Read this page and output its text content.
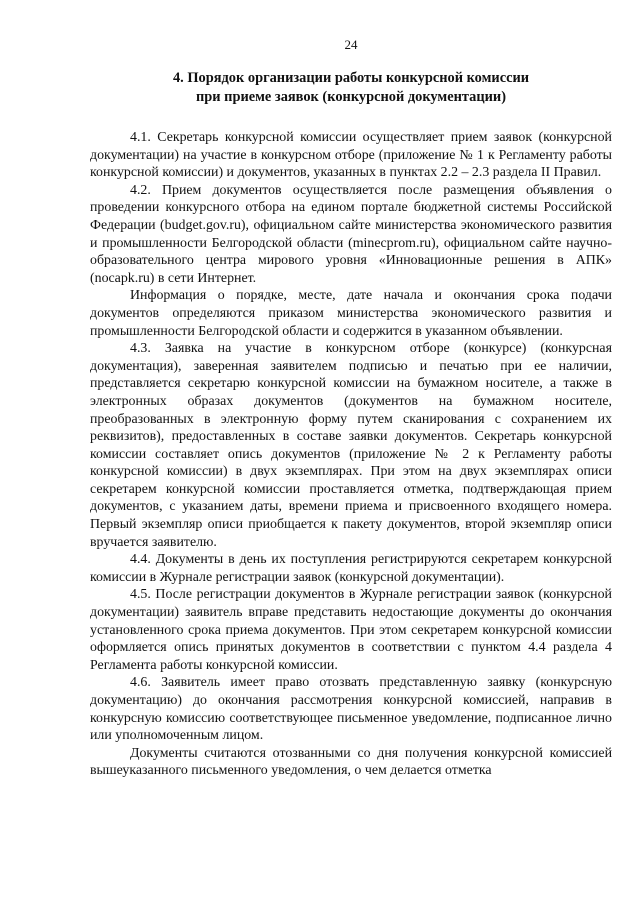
24
4. Порядок организации работы конкурсной комиссии
при приеме заявок (конкурсной документации)

4.1. Секретарь конкурсной комиссии осуществляет прием заявок (конкурсной документации) на участие в конкурсном отборе (приложение № 1 к Регламенту работы конкурсной комиссии) и документов, указанных в пунктах 2.2 – 2.3 раздела II Правил.

4.2. Прием документов осуществляется после размещения объявления о проведении конкурсного отбора на едином портале бюджетной системы Российской Федерации (budget.gov.ru), официальном сайте министерства экономического развития и промышленности Белгородской области (minecprom.ru), официальном сайте научно-образовательного центра мирового уровня «Инновационные решения в АПК» (nocapk.ru) в сети Интернет.

Информация о порядке, месте, дате начала и окончания срока подачи документов определяются приказом министерства экономического развития и промышленности Белгородской области и содержится в указанном объявлении.

4.3. Заявка на участие в конкурсном отборе (конкурсе) (конкурсная документация), заверенная заявителем подписью и печатью при ее наличии, представляется секретарю конкурсной комиссии на бумажном носителе, а также в электронных образах документов (документов на бумажном носителе, преобразованных в электронную форму путем сканирования с сохранением их реквизитов), предоставленных в составе заявки документов. Секретарь конкурсной комиссии составляет опись документов (приложение № 2 к Регламенту работы конкурсной комиссии) в двух экземплярах. При этом на двух экземплярах описи секретарем конкурсной комиссии проставляется отметка, подтверждающая прием документов, с указанием даты, времени приема и присвоенного входящего номера. Первый экземпляр описи приобщается к пакету документов, второй экземпляр описи вручается заявителю.

4.4. Документы в день их поступления регистрируются секретарем конкурсной комиссии в Журнале регистрации заявок (конкурсной документации).

4.5. После регистрации документов в Журнале регистрации заявок (конкурсной документации) заявитель вправе представить недостающие документы до окончания установленного срока приема документов. При этом секретарем конкурсной комиссии оформляется опись принятых документов в соответствии с пунктом 4.4 раздела 4 Регламента работы конкурсной комиссии.

4.6. Заявитель имеет право отозвать представленную заявку (конкурсную документацию) до окончания рассмотрения конкурсной комиссией, направив в конкурсную комиссию соответствующее письменное уведомление, подписанное лично или уполномоченным лицом.

Документы считаются отозванными со дня получения конкурсной комиссией вышеуказанного письменного уведомления, о чем делается отметка
